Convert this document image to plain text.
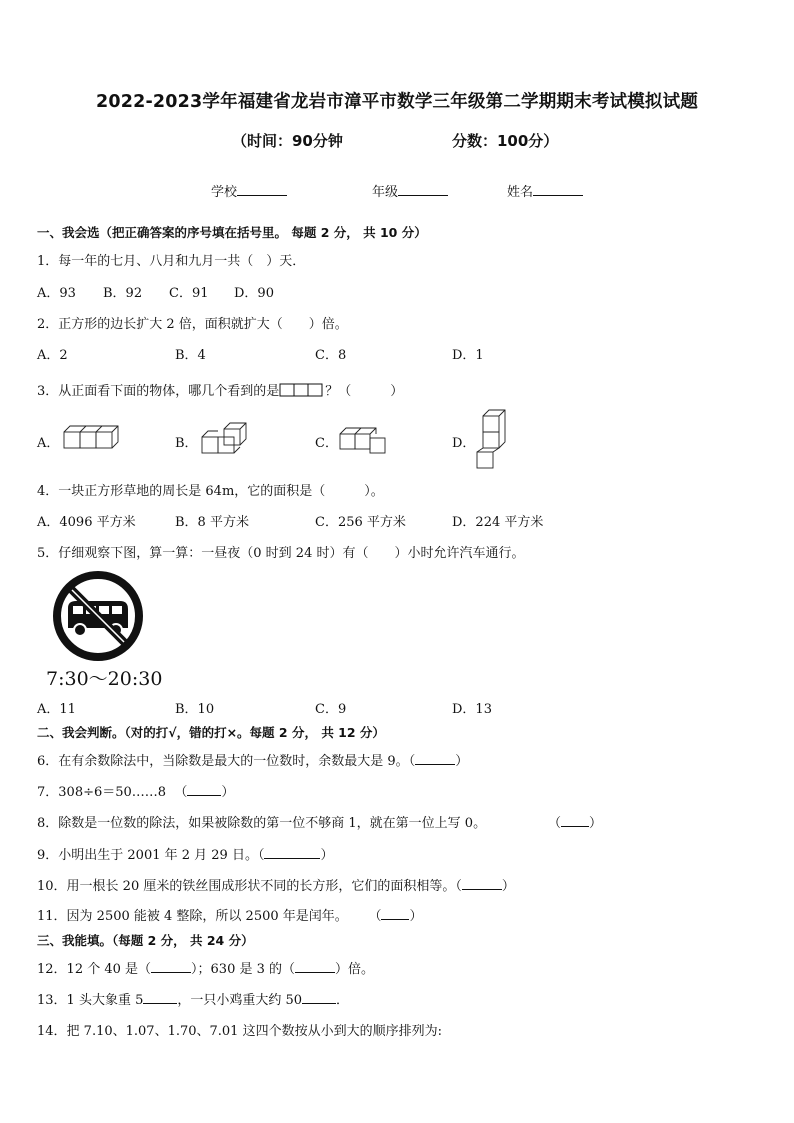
2022-2023学年福建省龙岩市漳平市数学三年级第二学期期末考试模拟试题
（时间：90分钟	分数：100分）
学校	年级	姓名
一、我会选（把正确答案的序号填在括号里。 每题 2 分， 共 10 分）
1．每一年的七月、八月和九月一共（　）天．
A．93 B．92 C．91 D．90
2．正方形的边长扩大 2 倍，面积就扩大（　　）倍。
A．2	B．4	C．8	D．1
3．从正面看下面的物体，哪几个看到的是	？（　　　）
A．	B．	C．	D．
4．一块正方形草地的周长是 64m，它的面积是（　　　）。
A．4096 平方米	B．8 平方米	C．256 平方米	D．224 平方米
5．仔细观察下图，算一算：一昼夜（0 时到 24 时）有（　　）小时允许汽车通行。
7:30～20:30
A．11	B．10	C．9	D．13
二、我会判断。（对的打√，错的打×。每题 2 分， 共 12 分）
6．在有余数除法中，当除数是最大的一位数时，余数最大是 9。（	）
7．308÷6＝50……8 （	）
8．除数是一位数的除法，如果被除数的第一位不够商 1，就在第一位上写 0。	（ ）
9．小明出生于 2001 年 2 月 29 日。（	）
10．用一根长 20 厘米的铁丝围成形状不同的长方形，它们的面积相等。（	）
11．因为 2500 能被 4 整除，所以 2500 年是闰年。 （ ）
三、我能填。（每题 2 分， 共 24 分）
12．12 个 40 是（	）；630 是 3 的（	）倍。
13．1 头大象重 5	，一只小鸡重大约 50	．
14．把 7.10、1.07、1.70、7.01 这四个数按从小到大的顺序排列为:
